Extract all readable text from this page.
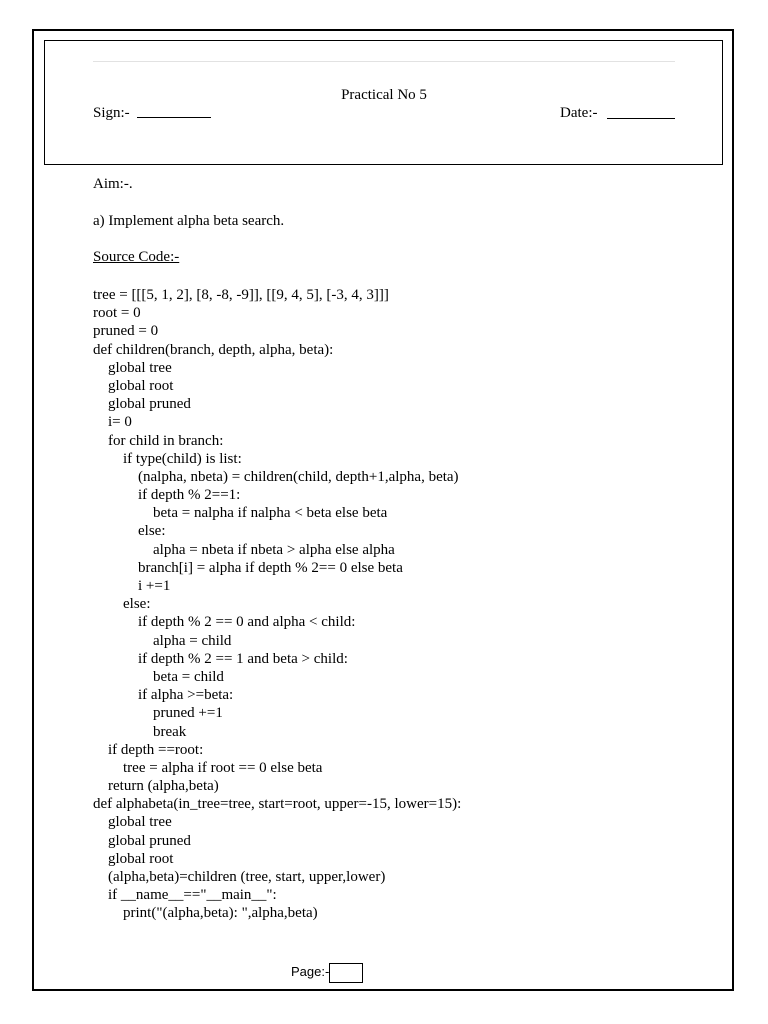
Practical No 5
Sign:-	Date:-
Aim:-.
a) Implement alpha beta search.
Source Code:-
tree = [[[5, 1, 2], [8, -8, -9]], [[9, 4, 5], [-3, 4, 3]]]
root = 0
pruned = 0
def children(branch, depth, alpha, beta):
global tree
global root
global pruned
i= 0
for child in branch:
if type(child) is list:
(nalpha, nbeta) = children(child, depth+1,alpha, beta)
if depth % 2==1:
beta = nalpha if nalpha < beta else beta
else:
alpha = nbeta if nbeta > alpha else alpha
branch[i] = alpha if depth % 2== 0 else beta
i +=1
else:
if depth % 2 == 0 and alpha < child:
alpha = child
if depth % 2 == 1 and beta > child:
beta = child
if alpha >=beta:
pruned +=1
break
if depth ==root:
tree = alpha if root == 0 else beta
return (alpha,beta)
def alphabeta(in_tree=tree, start=root, upper=-15, lower=15):
global tree
global pruned
global root
(alpha,beta)=children (tree, start, upper,lower)
if __name__=="__main__":
print("(alpha,beta): ",alpha,beta)
Page:-
